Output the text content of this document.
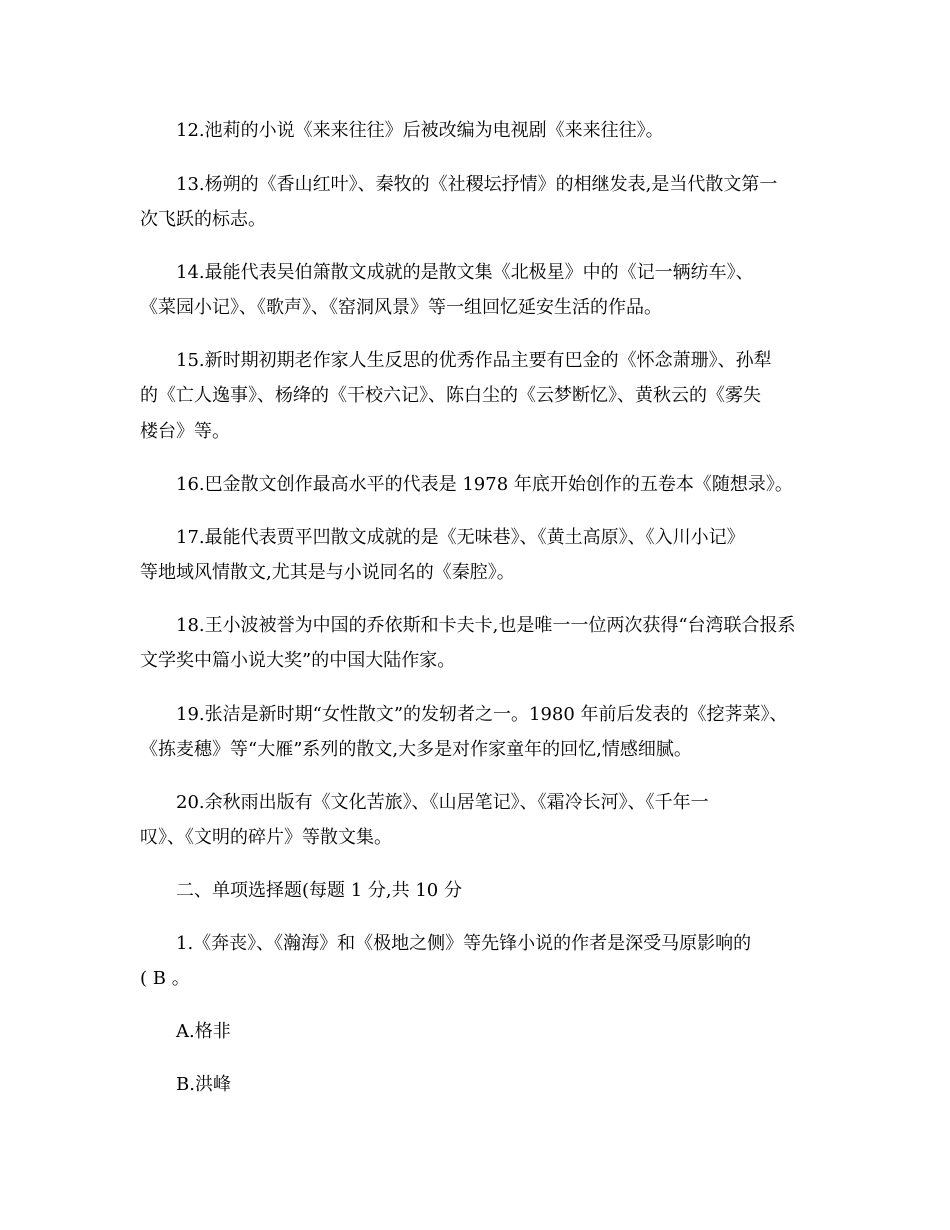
12.池莉的小说《来来往往》后被改编为电视剧《来来往往》。
13.杨朔的《香山红叶》、秦牧的《社稷坛抒情》的相继发表,是当代散文第一
次飞跃的标志。
14.最能代表吴伯箫散文成就的是散文集《北极星》中的《记一辆纺车》、
《菜园小记》、《歌声》、《窑洞风景》等一组回忆延安生活的作品。
15.新时期初期老作家人生反思的优秀作品主要有巴金的《怀念萧珊》、孙犁
的《亡人逸事》、杨绛的《干校六记》、陈白尘的《云梦断忆》、黄秋云的《雾失
楼台》等。
16.巴金散文创作最高水平的代表是 1978 年底开始创作的五卷本《随想录》。
17.最能代表贾平凹散文成就的是《无味巷》、《黄土高原》、《入川小记》
等地域风情散文,尤其是与小说同名的《秦腔》。
18.王小波被誉为中国的乔依斯和卡夫卡,也是唯一一位两次获得“台湾联合报系
文学奖中篇小说大奖”的中国大陆作家。
19.张洁是新时期“女性散文”的发轫者之一。1980 年前后发表的《挖荠菜》、
《拣麦穗》等“大雁”系列的散文,大多是对作家童年的回忆,情感细腻。
20.余秋雨出版有《文化苦旅》、《山居笔记》、《霜冷长河》、《千年一
叹》、《文明的碎片》等散文集。
二、单项选择题(每题 1 分,共 10 分
1.《奔丧》、《瀚海》和《极地之侧》等先锋小说的作者是深受马原影响的
( B 。
A.格非
B.洪峰
